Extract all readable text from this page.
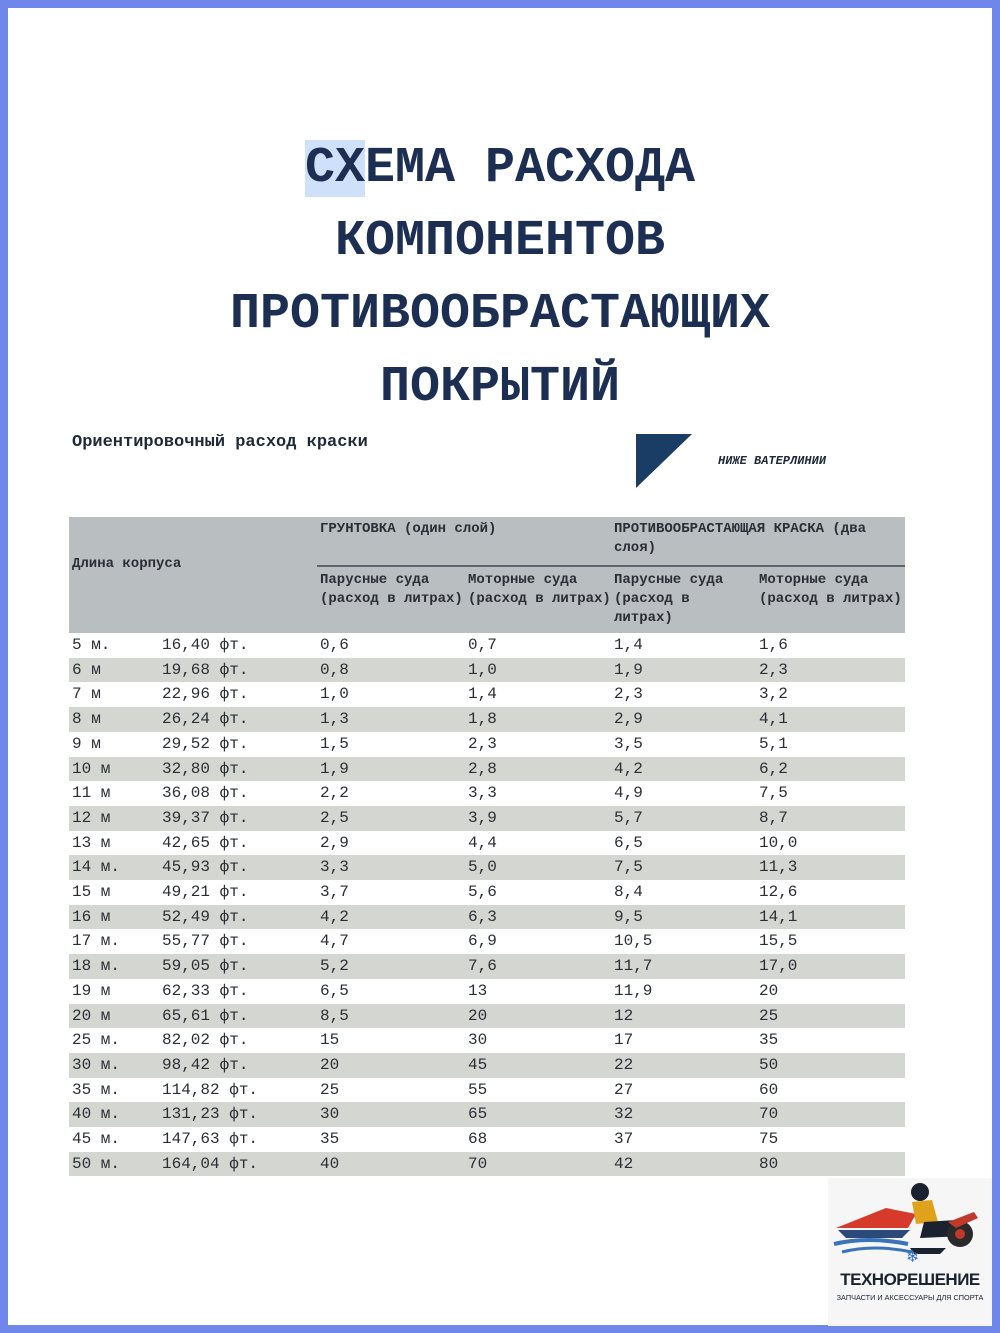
СХЕМА РАСХОДА
КОМПОНЕНТОВ
ПРОТИВООБРАСТАЮЩИХ
ПОКРЫТИЙ
Ориентировочный расход краски
НИЖЕ ВАТЕРЛИНИИ
Длина корпуса	ГРУНТОВКА (один слой)		ПРОТИВООБРАСТАЮЩАЯ КРАСКА (два слоя)	
	Парусные суда (расход в литрах)	Моторные суда (расход в литрах)	Парусные суда (расход в литрах)	Моторные суда (расход в литрах)
5 м. 16,40 фт.	0,6	0,7	1,4	1,6
6 м 19,68 фт.	0,8	1,0	1,9	2,3
7 м 22,96 фт.	1,0	1,4	2,3	3,2
8 м 26,24 фт.	1,3	1,8	2,9	4,1
9 м 29,52 фт.	1,5	2,3	3,5	5,1
10 м 32,80 фт.	1,9	2,8	4,2	6,2
11 м 36,08 фт.	2,2	3,3	4,9	7,5
12 м 39,37 фт.	2,5	3,9	5,7	8,7
13 м 42,65 фт.	2,9	4,4	6,5	10,0
14 м. 45,93 фт.	3,3	5,0	7,5	11,3
15 м 49,21 фт.	3,7	5,6	8,4	12,6
16 м 52,49 фт.	4,2	6,3	9,5	14,1
17 м. 55,77 фт.	4,7	6,9	10,5	15,5
18 м. 59,05 фт.	5,2	7,6	11,7	17,0
19 м 62,33 фт.	6,5	13	11,9	20
20 м 65,61 фт.	8,5	20	12	25
25 м. 82,02 фт.	15	30	17	35
30 м. 98,42 фт.	20	45	22	50
35 м. 114,82 фт.	25	55	27	60
40 м. 131,23 фт.	30	65	32	70
45 м. 147,63 фт.	35	68	37	75
50 м. 164,04 фт.	40	70	42	80
❄
ТЕХНОРЕШЕНИЕ
ЗАПЧАСТИ И АКСЕССУАРЫ ДЛЯ СПОРТА
